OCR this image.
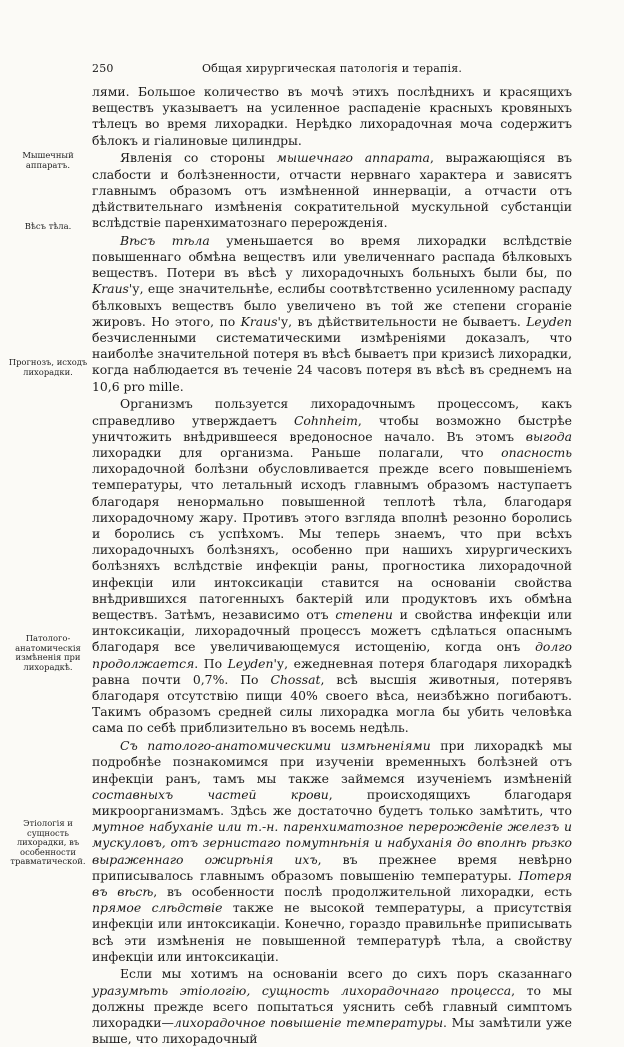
250	Общая хирургическая патологія и терапія.
Мышечный аппаратъ.
Вѣсъ тѣла.
Прогнозъ, исходъ лихорадки.
Патолого-анатомическія измѣненія при лихорадкѣ.
Этіологія и сущность лихорадки, въ особенности травматической.

лями. Большое количество въ мочѣ этихъ послѣднихъ и красящихъ веществъ указываетъ на усиленное распаденіе красныхъ кровяныхъ тѣлецъ во время лихорадки. Нерѣдко лихорадочная моча содержитъ бѣлокъ и гіалиновые цилиндры.

Явленія со стороны мышечнаго аппарата, выражающіяся въ слабости и болѣзненности, отчасти нервнаго характера и зависятъ главнымъ образомъ отъ измѣненной иннерваціи, а отчасти отъ дѣйствительнаго измѣненія сократительной мускульной субстанціи вслѣдствіе паренхиматознаго перерожденія.

Вѣсъ тѣла уменьшается во время лихорадки вслѣдствіе повышеннаго обмѣна веществъ или увеличеннаго распада бѣлковыхъ веществъ. Потери въ вѣсѣ у лихорадочныхъ больныхъ были бы, по Kraus'у, еще значительнѣе, еслибы соотвѣтственно усиленному распаду бѣлковыхъ веществъ было увеличено въ той же степени сгораніе жировъ. Но этого, по Kraus'у, въ дѣйствительности не бываетъ. Leyden безчисленными систематическими измѣреніями доказалъ, что наиболѣе значительной потеря въ вѣсѣ бываетъ при кризисѣ лихорадки, когда наблюдается въ теченіе 24 часовъ потеря въ вѣсѣ въ среднемъ на 10,6 pro mille.

Организмъ пользуется лихорадочнымъ процессомъ, какъ справедливо утверждаетъ Cohnheim, чтобы возможно быстрѣе уничтожить внѣдрившееся вредоносное начало. Въ этомъ выгода лихорадки для организма. Раньше полагали, что опасность лихорадочной болѣзни обусловливается прежде всего повышеніемъ температуры, что летальный исходъ главнымъ образомъ наступаетъ благодаря ненормально повышенной теплотѣ тѣла, благодаря лихорадочному жару. Противъ этого взгляда вполнѣ резонно боролись и боролись съ успѣхомъ. Мы теперь знаемъ, что при всѣхъ лихорадочныхъ болѣзняхъ, особенно при нашихъ хирургическихъ болѣзняхъ вслѣдствіе инфекціи раны, прогностика лихорадочной инфекціи или интоксикаціи ставится на основаніи свойства внѣдрившихся патогенныхъ бактерій или продуктовъ ихъ обмѣна веществъ. Затѣмъ, независимо отъ степени и свойства инфекціи или интоксикаціи, лихорадочный процессъ можетъ сдѣлаться опаснымъ благодаря все увеличивающемуся истощенію, когда онъ долго продолжается. По Leyden'у, ежедневная потеря благодаря лихорадкѣ равна почти 0,7%. По Chossat, всѣ высшія животныя, потерявъ благодаря отсутствію пищи 40% своего вѣса, неизбѣжно погибаютъ. Такимъ образомъ средней силы лихорадка могла бы убить человѣка сама по себѣ приблизительно въ восемь недѣль.

Съ патолого-анатомическими измѣненіями при лихорадкѣ мы подробнѣе познакомимся при изученіи временныхъ болѣзней отъ инфекціи ранъ, тамъ мы также займемся изученіемъ измѣненій составныхъ частей крови, происходящихъ благодаря микроорганизмамъ. Здѣсь же достаточно будетъ только замѣтить, что мутное набуханіе или т.-н. паренхиматозное перерожденіе железъ и мускуловъ, отъ зернистаго помутнѣнія и набуханія до вполнѣ рѣзко выраженнаго ожирѣнія ихъ, въ прежнее время невѣрно приписывалось главнымъ образомъ повышенію температуры. Потеря въ вѣсѣ, въ особенности послѣ продолжительной лихорадки, есть прямое слѣдствіе также не высокой температуры, а присутствія инфекціи или интоксикаціи. Конечно, гораздо правильнѣе приписывать всѣ эти измѣненія не повышенной температурѣ тѣла, а свойству инфекціи или интоксикаціи.

Если мы хотимъ на основаніи всего до сихъ поръ сказаннаго уразумѣть этіологію, сущность лихорадочнаго процесса, то мы должны прежде всего попытаться уяснить себѣ главный симптомъ лихорадки—лихорадочное повышеніе температуры. Мы замѣтили уже выше, что лихорадочный
